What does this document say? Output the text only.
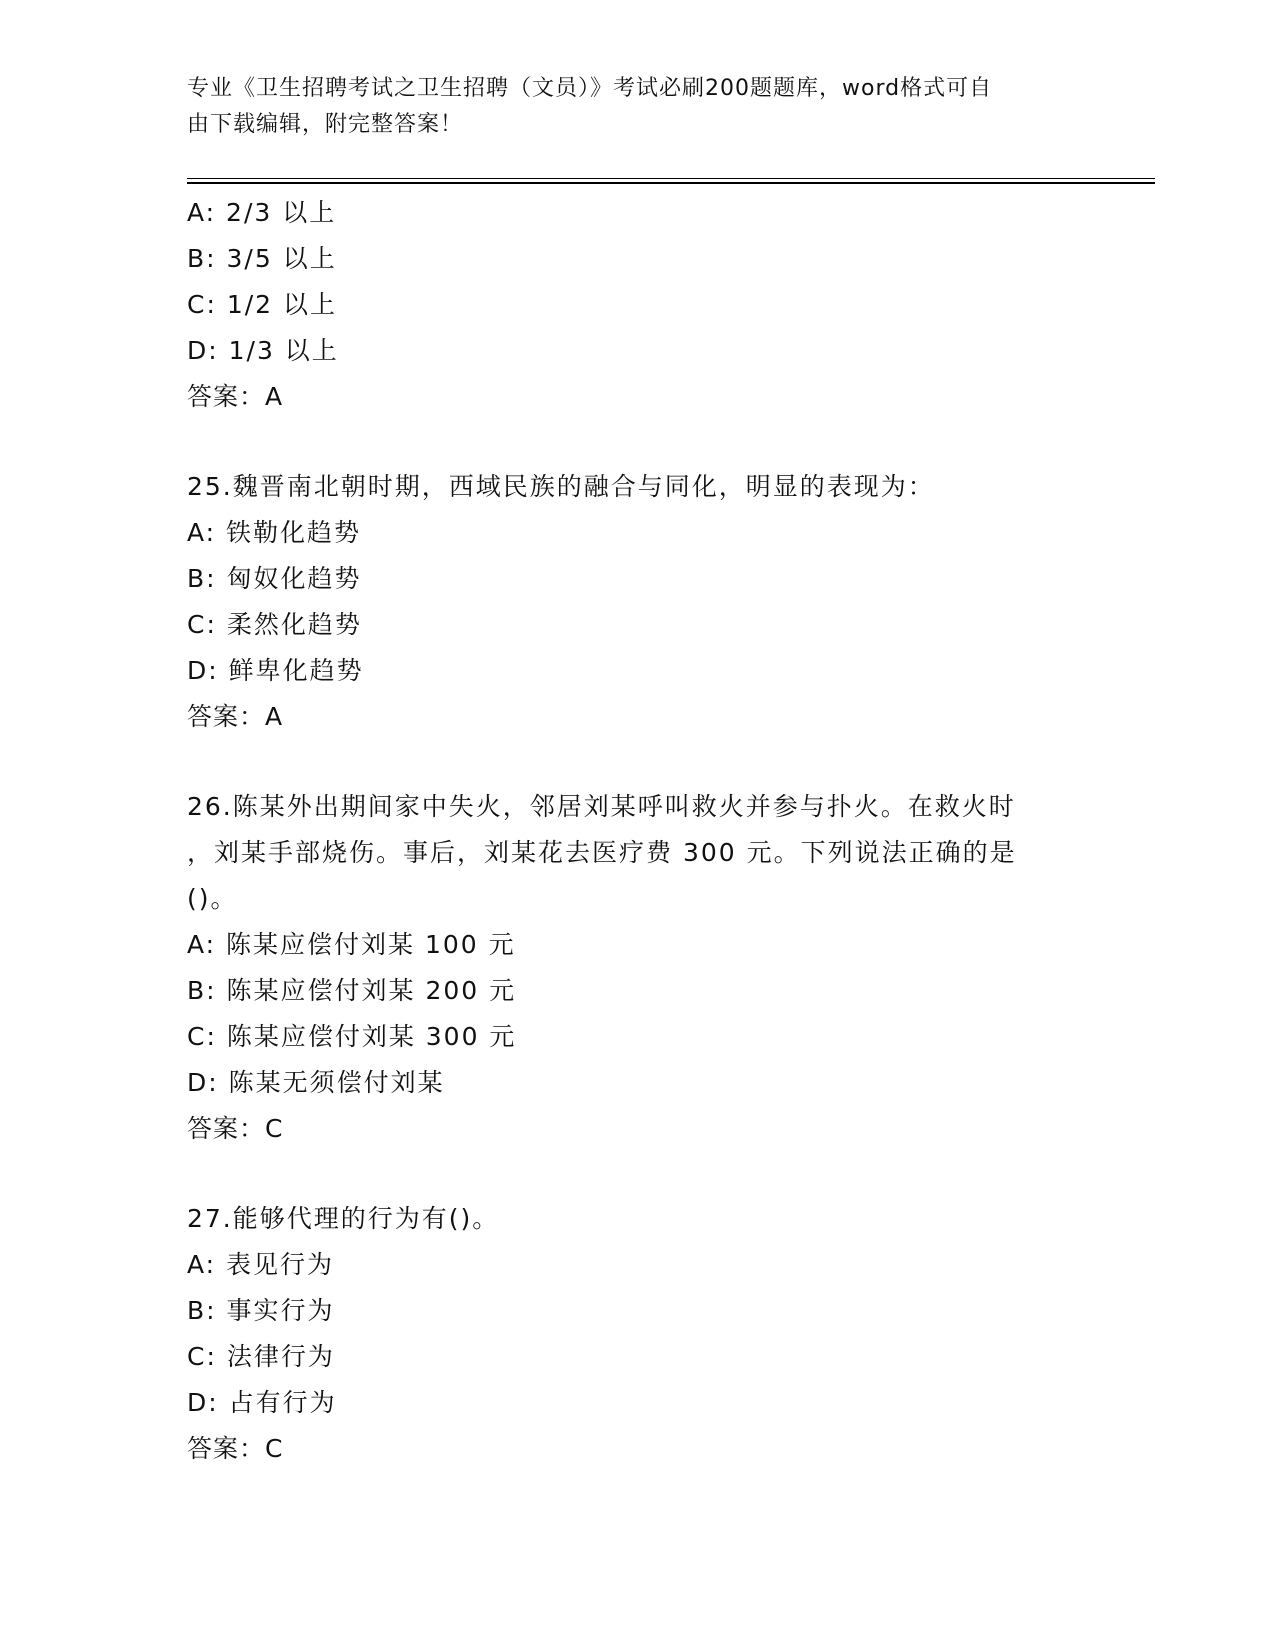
专业《卫生招聘考试之卫生招聘（文员）》考试必刷200题题库，word格式可自
由下载编辑，附完整答案！
A: 2/3 以上
B: 3/5 以上
C: 1/2 以上
D: 1/3 以上
答案：A
25.魏晋南北朝时期，西域民族的融合与同化，明显的表现为：
A: 铁勒化趋势
B: 匈奴化趋势
C: 柔然化趋势
D: 鲜卑化趋势
答案：A
26.陈某外出期间家中失火，邻居刘某呼叫救火并参与扑火。在救火时
，刘某手部烧伤。事后，刘某花去医疗费 300 元。下列说法正确的是
()。
A: 陈某应偿付刘某 100 元
B: 陈某应偿付刘某 200 元
C: 陈某应偿付刘某 300 元
D: 陈某无须偿付刘某
答案：C
27.能够代理的行为有()。
A: 表见行为
B: 事实行为
C: 法律行为
D: 占有行为
答案：C
